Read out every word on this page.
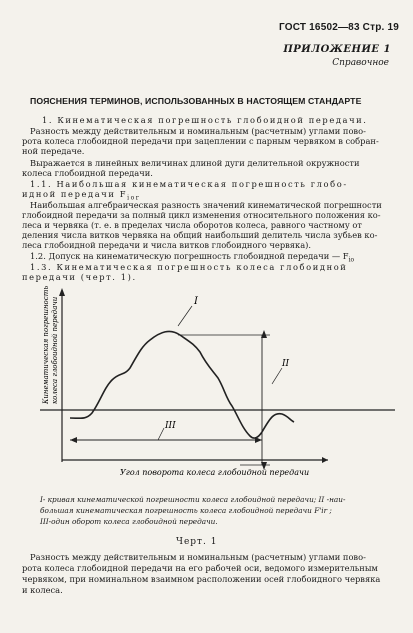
ГОСТ 16502—83 Стр. 19
ПРИЛОЖЕНИЕ 1
Справочное
ПОЯСНЕНИЯ ТЕРМИНОВ, ИСПОЛЬЗОВАННЫХ В НАСТОЯЩЕМ СТАНДАРТЕ
1. Кинематическая погрешность глобоидной передачи.
Разность между действительным и номинальным (расчетным) углами пово-
рота колеса глобоидной передачи при зацеплении с парным червяком в собран-
ной передаче.
Выражается в линейных величинах длиной дуги делительной окружности
колеса глобоидной передачи.
1.1. Наибольшая кинематическая погрешность глобо-
идной передачи $F_{ior}$
Наибольшая алгебраическая разность значений кинематической погрешности
глобоидной передачи за полный цикл изменения относительного положения ко-
леса и червяка (т. е. в пределах числа оборотов колеса, равного частному от
деления числа витков червяка на общий наибольший делитель числа зубьев ко-
леса глобоидной передачи и числа витков глобоидного червяка).
1.2. Допуск на кинематическую погрешность глобоидной передачи — $F_{io}$
1.3. Кинематическая погрешность колеса глобоидной
передачи (черт. 1).
I
II
III
Угол поворота колеса глобоидной передачи
Кинематическая погрешность колеса глобоидной передачи
I- кривая кинематической погрешности колеса глобоидной передачи; II -наи-
большая кинематическая погрешность колеса глобоидной передачи F'ir ;
III-один оборот колеса глобоидной передачи.
Черт. 1
Разность между действительным и номинальным (расчетным) углами пово-
рота колеса глобоидной передачи на его рабочей оси, ведомого измерительным
червяком, при номинальном взаимном расположении осей глобоидного червяка
и колеса.
